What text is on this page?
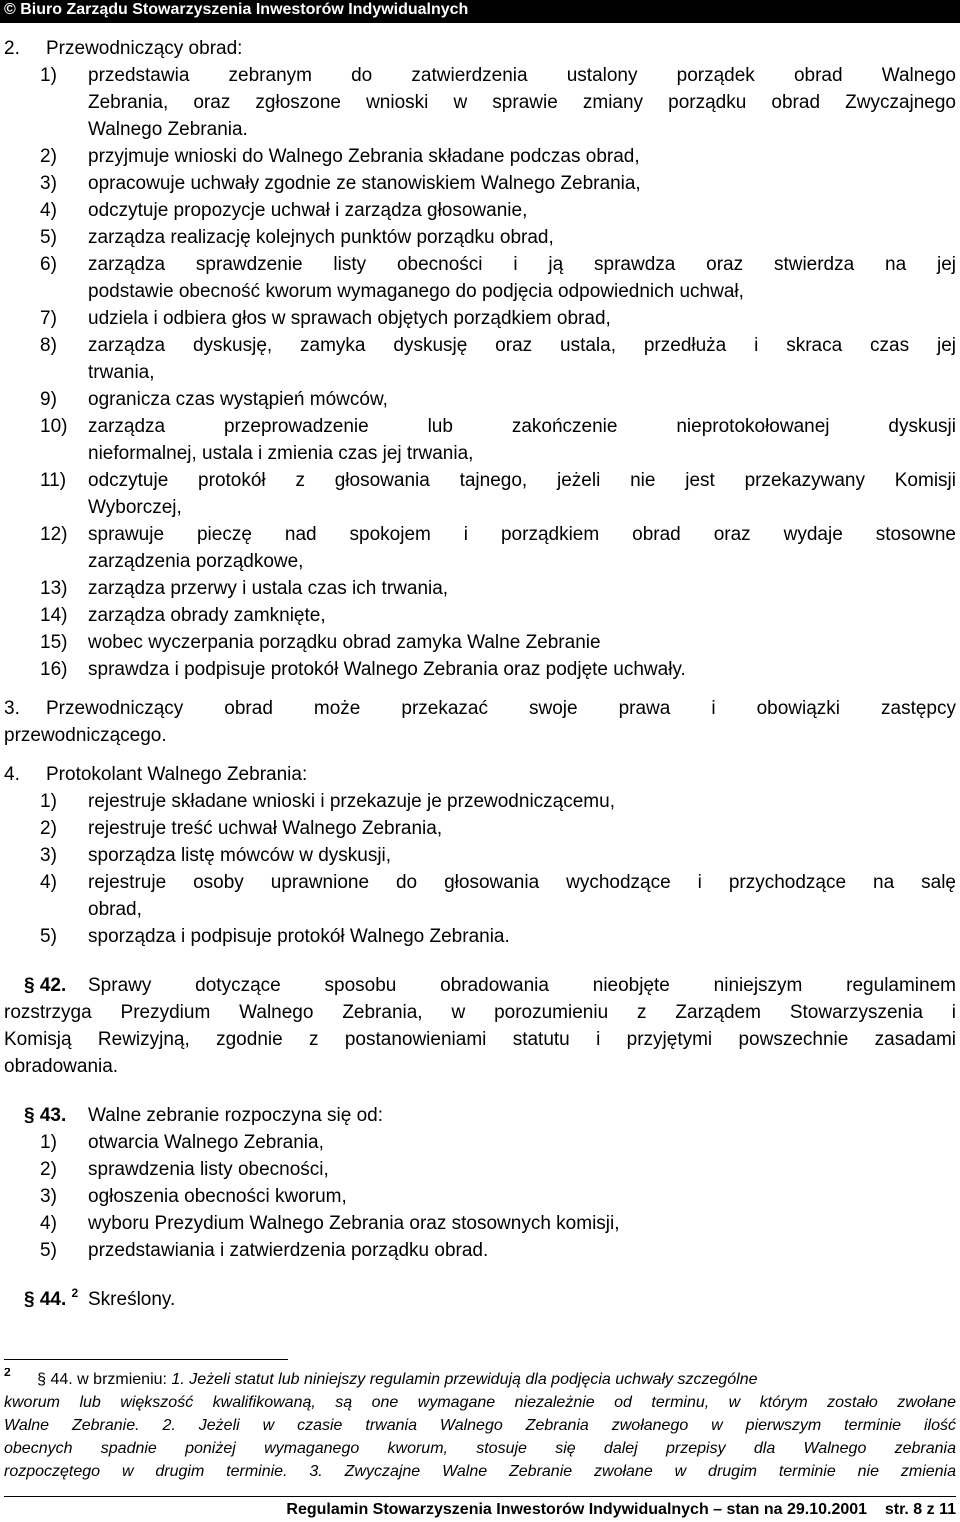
© Biuro Zarządu Stowarzyszenia Inwestorów Indywidualnych
2.	Przewodniczący obrad:
1)	przedstawia zebranym do zatwierdzenia ustalony porządek obrad Walnego
Zebrania, oraz zgłoszone wnioski w sprawie zmiany porządku obrad Zwyczajnego
Walnego Zebrania.
2)	przyjmuje wnioski do Walnego Zebrania składane podczas obrad,
3)	opracowuje uchwały zgodnie ze stanowiskiem Walnego Zebrania,
4)	odczytuje propozycje uchwał i zarządza głosowanie,
5)	zarządza realizację kolejnych punktów porządku obrad,
6)	zarządza sprawdzenie listy obecności i ją sprawdza oraz stwierdza na jej
podstawie obecność kworum wymaganego do podjęcia odpowiednich uchwał,
7)	udziela i odbiera głos w sprawach objętych porządkiem obrad,
8)	zarządza dyskusję, zamyka dyskusję oraz ustala, przedłuża i skraca czas jej
trwania,
9)	ogranicza czas wystąpień mówców,
10)	zarządza przeprowadzenie lub zakończenie nieprotokołowanej dyskusji
nieformalnej, ustala i zmienia czas jej trwania,
11)	odczytuje protokół z głosowania tajnego, jeżeli nie jest przekazywany Komisji
Wyborczej,
12)	sprawuje pieczę nad spokojem i porządkiem obrad oraz wydaje stosowne
zarządzenia porządkowe,
13)	zarządza przerwy i ustala czas ich trwania,
14)	zarządza obrady zamknięte,
15)	wobec wyczerpania porządku obrad zamyka Walne Zebranie
16)	sprawdza i podpisuje protokół Walnego Zebrania oraz podjęte uchwały.
3.	Przewodniczący obrad może przekazać swoje prawa i obowiązki zastępcy
przewodniczącego.
4.	Protokolant Walnego Zebrania:
1)	rejestruje składane wnioski i przekazuje je przewodniczącemu,
2)	rejestruje treść uchwał Walnego Zebrania,
3)	sporządza listę mówców w dyskusji,
4)	rejestruje osoby uprawnione do głosowania wychodzące i przychodzące na salę
obrad,
5)	sporządza i podpisuje protokół Walnego Zebrania.
§ 42.	Sprawy dotyczące sposobu obradowania nieobjęte niniejszym regulaminem
rozstrzyga Prezydium Walnego Zebrania, w porozumieniu z Zarządem Stowarzyszenia i
Komisją Rewizyjną, zgodnie z postanowieniami statutu i przyjętymi powszechnie zasadami
obradowania.
§ 43.	Walne zebranie rozpoczyna się od:
1)	otwarcia Walnego Zebrania,
2)	sprawdzenia listy obecności,
3)	ogłoszenia obecności kworum,
4)	wyboru Prezydium Walnego Zebrania oraz stosownych komisji,
5)	przedstawiania i zatwierdzenia porządku obrad.
§ 44. $^2$ Skreślony.
$^2$ § 44. w brzmieniu: 1. Jeżeli statut lub niniejszy regulamin przewidują dla podjęcia uchwały szczególne
kworum lub większość kwalifikowaną, są one wymagane niezależnie od terminu, w którym zostało zwołane
Walne Zebranie. 2. Jeżeli w czasie trwania Walnego Zebrania zwołanego w pierwszym terminie ilość
obecnych spadnie poniżej wymaganego kworum, stosuje się dalej przepisy dla Walnego zebrania
rozpoczętego w drugim terminie. 3. Zwyczajne Walne Zebranie zwołane w drugim terminie nie zmienia
Regulamin Stowarzyszenia Inwestorów Indywidualnych – stan na 29.10.2001    str. 8 z 11
